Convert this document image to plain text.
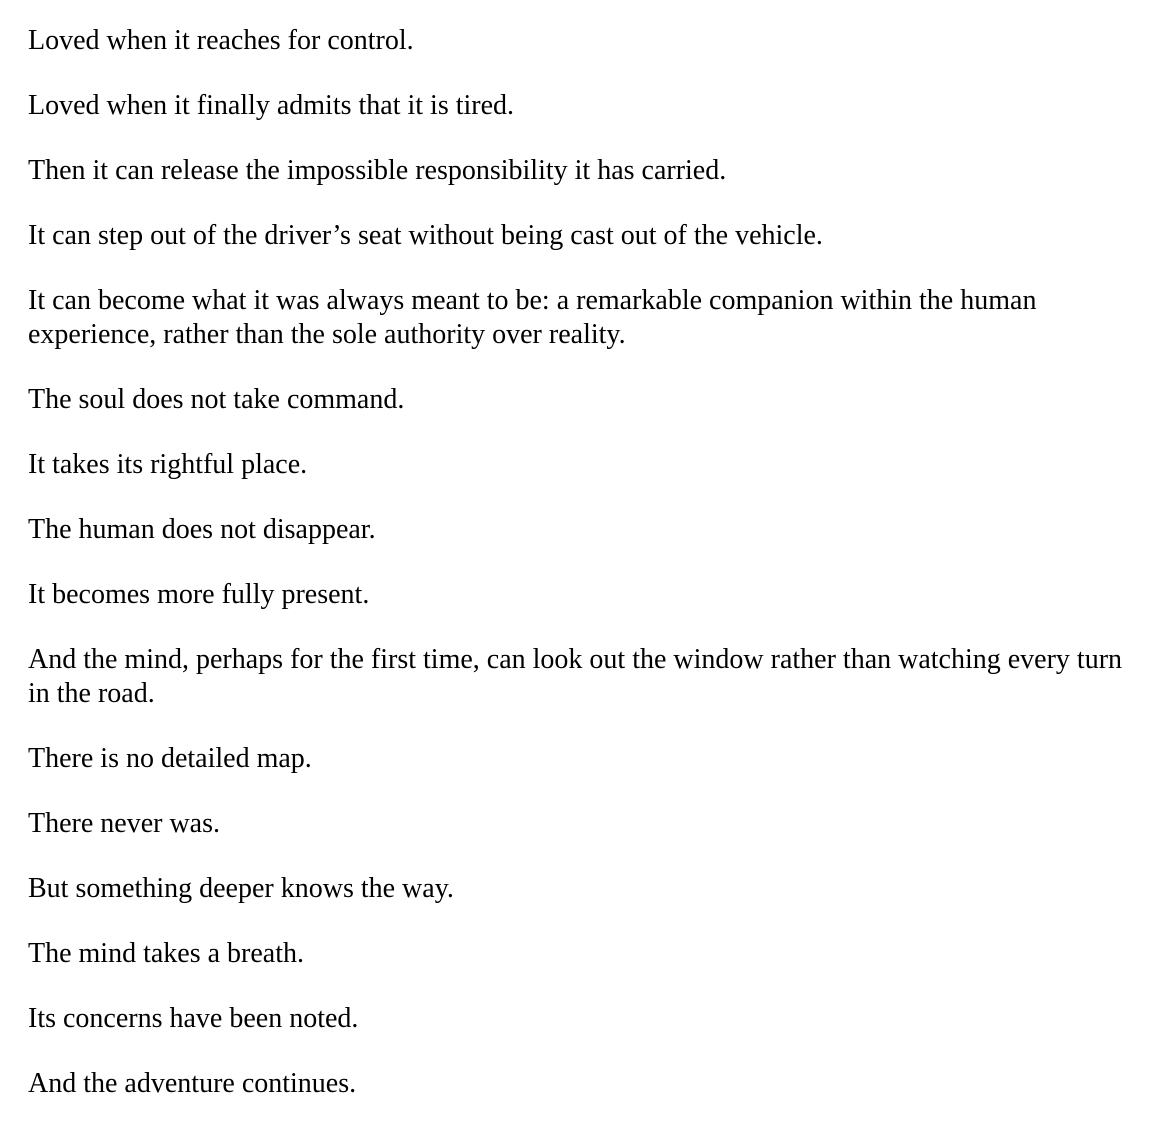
Loved when it reaches for control.

Loved when it finally admits that it is tired.

Then it can release the impossible responsibility it has carried.

It can step out of the driver’s seat without being cast out of the vehicle.

It can become what it was always meant to be: a remarkable companion within the human experience, rather than the sole authority over reality.

The soul does not take command.

It takes its rightful place.

The human does not disappear.

It becomes more fully present.

And the mind, perhaps for the first time, can look out the window rather than watching every turn in the road.

There is no detailed map.

There never was.

But something deeper knows the way.

The mind takes a breath.

Its concerns have been noted.

And the adventure continues.
